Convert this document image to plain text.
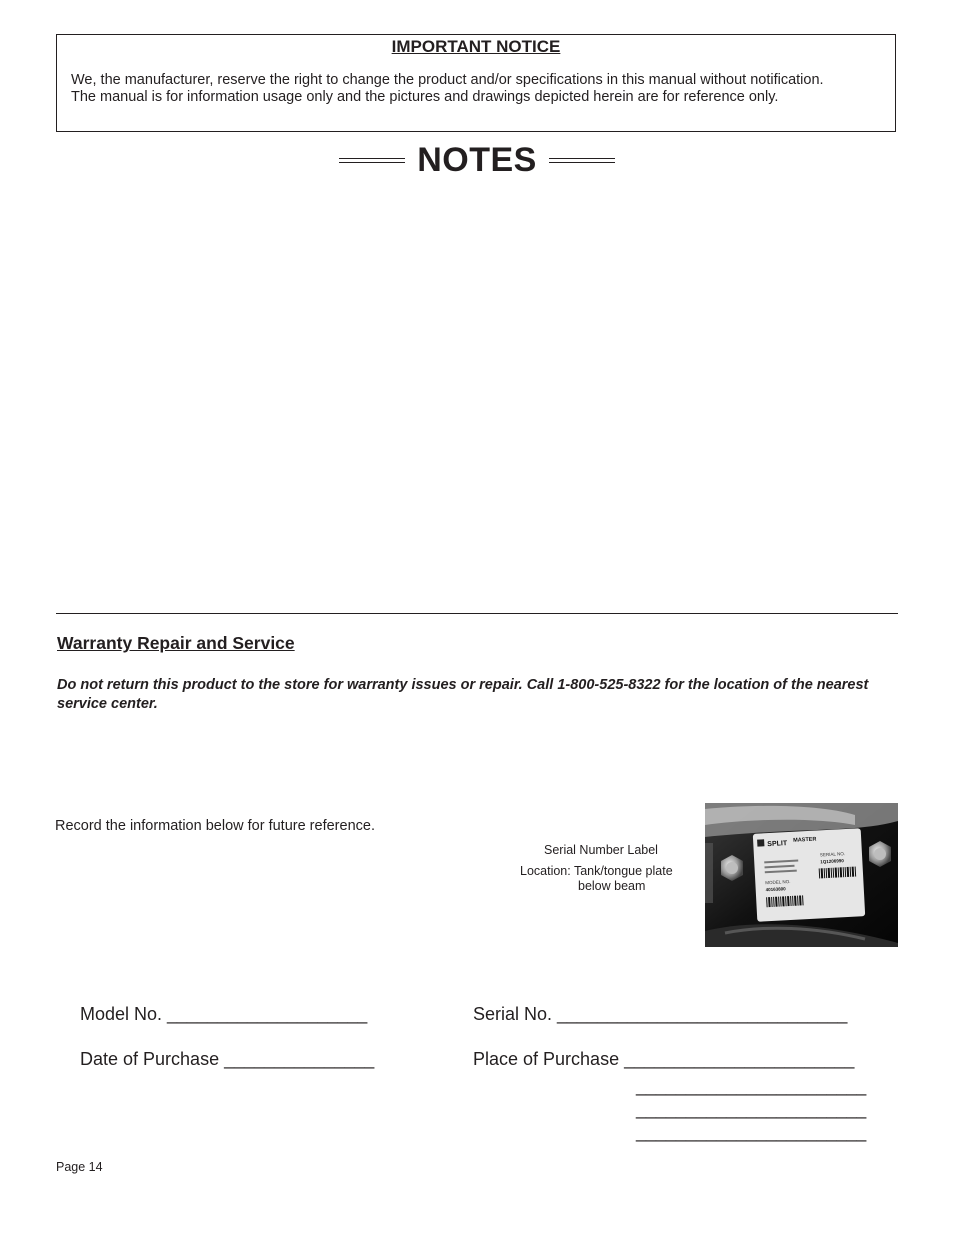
IMPORTANT NOTICE
We, the manufacturer, reserve the right to change the product and/or specifications in this manual without notification.
The manual is for information usage only and the pictures and drawings depicted herein are for reference only.
NOTES
Warranty Repair and Service
Do not return this product to the store for warranty issues or repair. Call 1-800-525-8322 for the location of the nearest service center.
Record the information below for future reference.
Serial Number Label
Location: Tank/tongue plate
below beam
SPLIT MASTER
SERIAL NO.
1Q1206990
MODEL NO.
40163800
Model No. ____________________	Serial No. _____________________________
Date of Purchase _______________	Place of Purchase _______________________
_______________________
_______________________
_______________________
Page 14
